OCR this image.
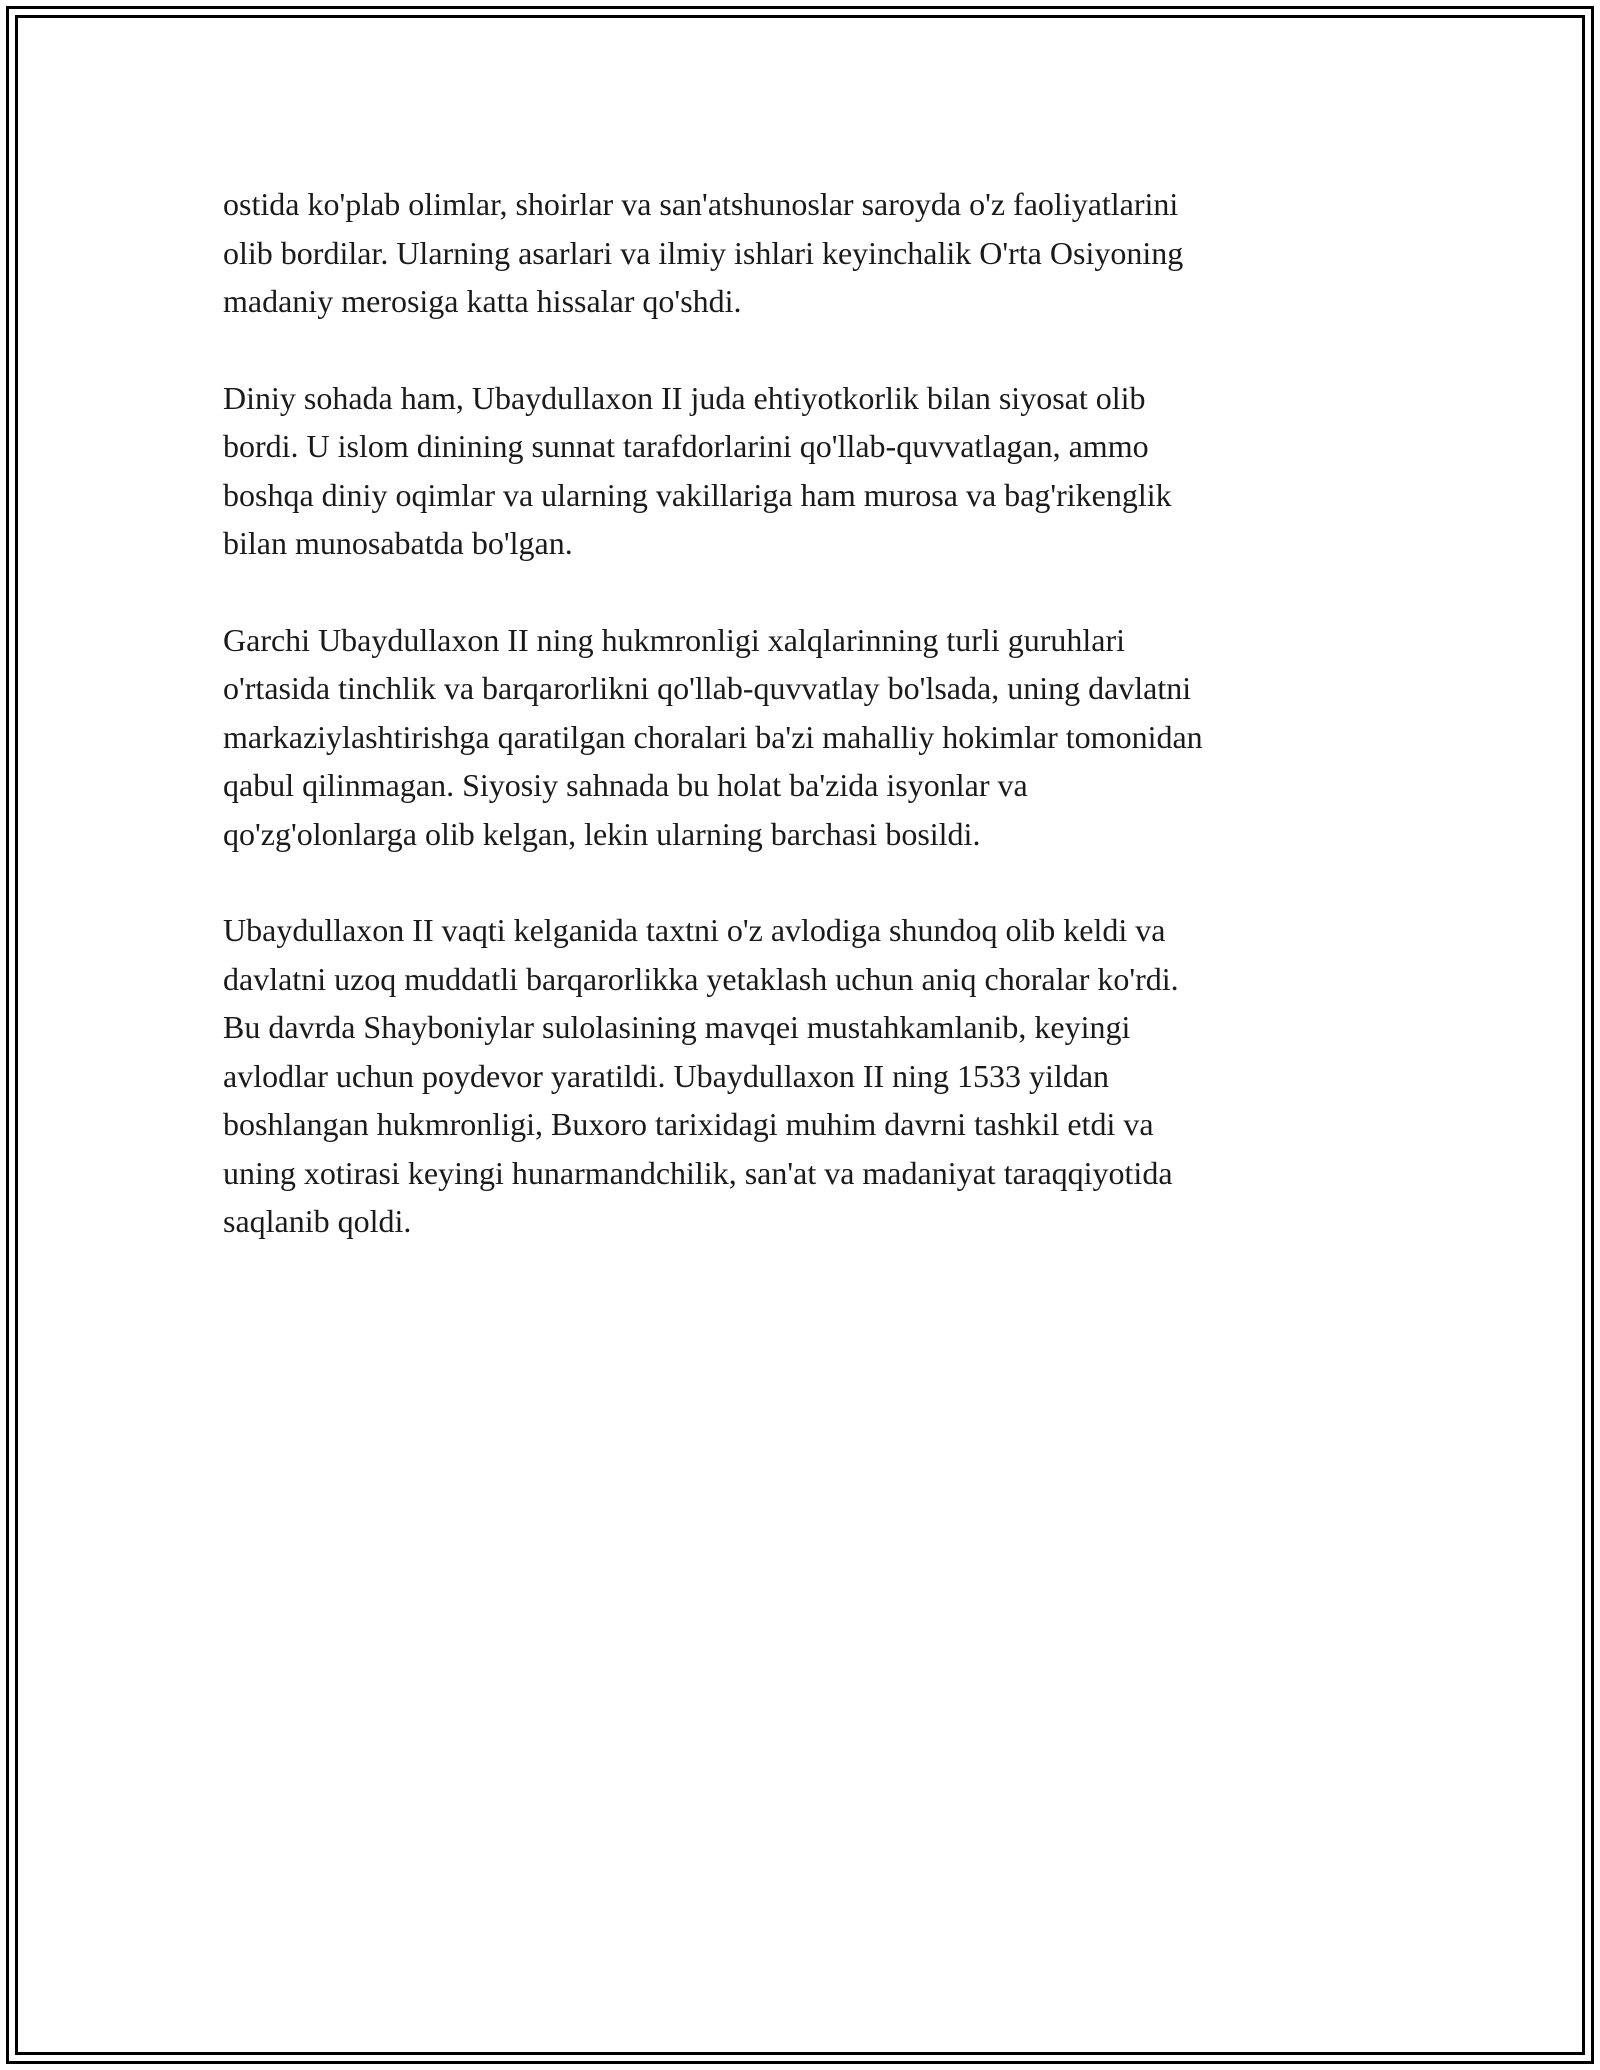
ostida ko'plab olimlar, shoirlar va san'atshunoslar saroyda o'z faoliyatlarini
olib bordilar. Ularning asarlari va ilmiy ishlari keyinchalik O'rta Osiyoning
madaniy merosiga katta hissalar qo'shdi.

Diniy sohada ham, Ubaydullaxon II juda ehtiyotkorlik bilan siyosat olib
bordi. U islom dinining sunnat tarafdorlarini qo'llab-quvvatlagan, ammo
boshqa diniy oqimlar va ularning vakillariga ham murosa va bag'rikenglik
bilan munosabatda bo'lgan.

Garchi Ubaydullaxon II ning hukmronligi xalqlarinning turli guruhlari
o'rtasida tinchlik va barqarorlikni qo'llab-quvvatlay bo'lsada, uning davlatni
markaziylashtirishga qaratilgan choralari ba'zi mahalliy hokimlar tomonidan
qabul qilinmagan. Siyosiy sahnada bu holat ba'zida isyonlar va
qo'zg'olonlarga olib kelgan, lekin ularning barchasi bosildi.

Ubaydullaxon II vaqti kelganida taxtni o'z avlodiga shundoq olib keldi va
davlatni uzoq muddatli barqarorlikka yetaklash uchun aniq choralar ko'rdi.
Bu davrda Shayboniylar sulolasining mavqei mustahkamlanib, keyingi
avlodlar uchun poydevor yaratildi. Ubaydullaxon II ning 1533 yildan
boshlangan hukmronligi, Buxoro tarixidagi muhim davrni tashkil etdi va
uning xotirasi keyingi hunarmandchilik, san'at va madaniyat taraqqiyotida
saqlanib qoldi.
